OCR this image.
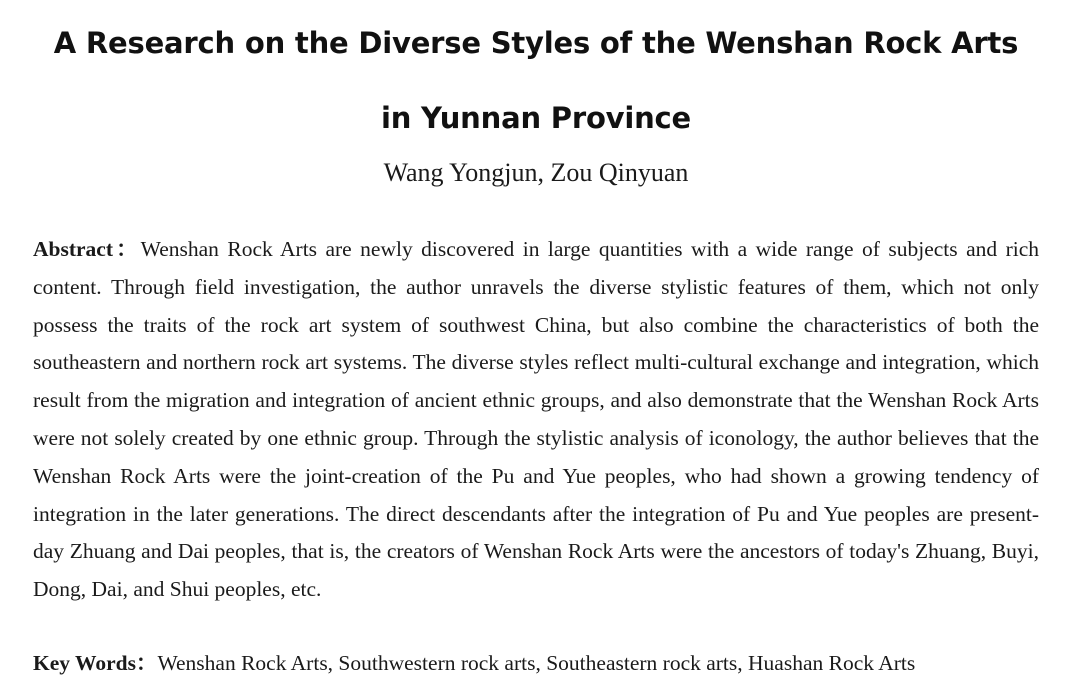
A Research on the Diverse Styles of the Wenshan Rock Arts
in Yunnan Province

Wang Yongjun, Zou Qinyuan

Abstract：Wenshan Rock Arts are newly discovered in large quantities with a wide range of subjects and rich content. Through field investigation, the author unravels the diverse stylistic features of them, which not only possess the traits of the rock art system of southwest China, but also combine the characteristics of both the southeastern and northern rock art systems. The diverse styles reflect multi-cultural exchange and integration, which result from the migration and integration of ancient ethnic groups, and also demonstrate that the Wenshan Rock Arts were not solely created by one ethnic group. Through the stylistic analysis of iconology, the author believes that the Wenshan Rock Arts were the joint-creation of the Pu and Yue peoples, who had shown a growing tendency of integration in the later generations. The direct descendants after the integration of Pu and Yue peoples are present-day Zhuang and Dai peoples, that is, the creators of Wenshan Rock Arts were the ancestors of today's Zhuang, Buyi, Dong, Dai, and Shui peoples, etc.

Key Words：Wenshan Rock Arts, Southwestern rock arts, Southeastern rock arts, Huashan Rock Arts
